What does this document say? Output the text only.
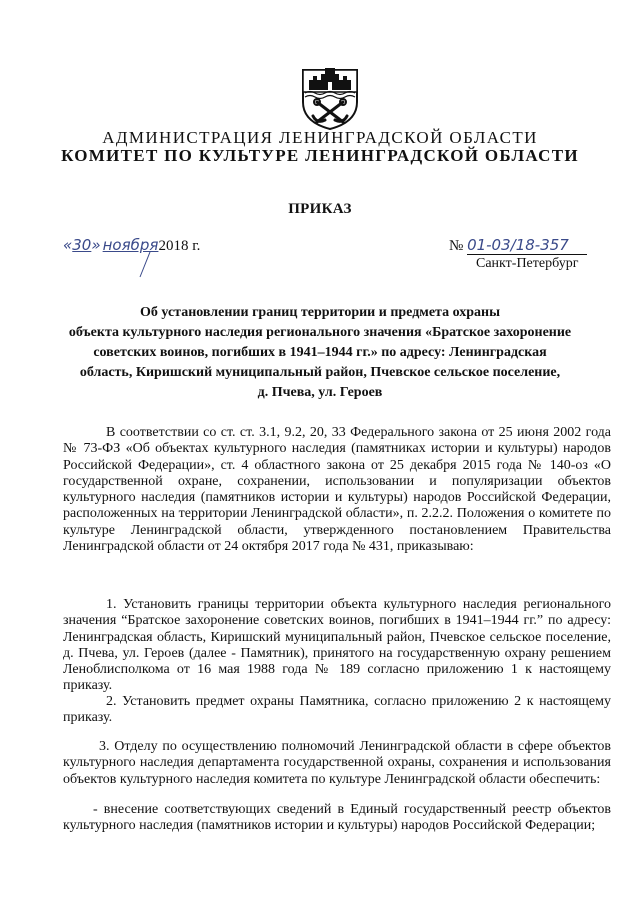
АДМИНИСТРАЦИЯ ЛЕНИНГРАДСКОЙ ОБЛАСТИ
КОМИТЕТ ПО КУЛЬТУРЕ ЛЕНИНГРАДСКОЙ ОБЛАСТИ
ПРИКАЗ
«30» ноября2018 г.	№ 01-03/18-357
Санкт-Петербург
Об установлении границ территории и предмета охраны
объекта культурного наследия регионального значения «Братское захоронение
советских воинов, погибших в 1941–1944 гг.» по адресу: Ленинградская
область, Киришский муниципальный район, Пчевское сельское поселение,
д. Пчева, ул. Героев
В соответствии со ст. ст. 3.1, 9.2, 20, 33 Федерального закона от 25 июня 2002 года № 73-ФЗ «Об объектах культурного наследия (памятниках истории и культуры) народов Российской Федерации», ст. 4 областного закона от 25 декабря 2015 года № 140-оз «О государственной охране, сохранении, использовании и популяризации объектов культурного наследия (памятников истории и культуры) народов Российской Федерации, расположенных на территории Ленинградской области», п. 2.2.2. Положения о комитете по культуре Ленинградской области, утвержденного постановлением Правительства Ленинградской области от 24 октября 2017 года № 431, приказываю:
1. Установить границы территории объекта культурного наследия регионального значения “Братское захоронение советских воинов, погибших в 1941–1944 гг.” по адресу: Ленинградская область, Киришский муниципальный район, Пчевское сельское поселение, д. Пчева, ул. Героев (далее - Памятник), принятого на государственную охрану решением Леноблисполкома от 16 мая 1988 года № 189 согласно приложению 1 к настоящему приказу.
2. Установить предмет охраны Памятника, согласно приложению 2 к настоящему приказу.
3. Отделу по осуществлению полномочий Ленинградской области в сфере объектов культурного наследия департамента государственной охраны, сохранения и использования объектов культурного наследия комитета по культуре Ленинградской области обеспечить:
- внесение соответствующих сведений в Единый государственный реестр объектов культурного наследия (памятников истории и культуры) народов Российской Федерации;
